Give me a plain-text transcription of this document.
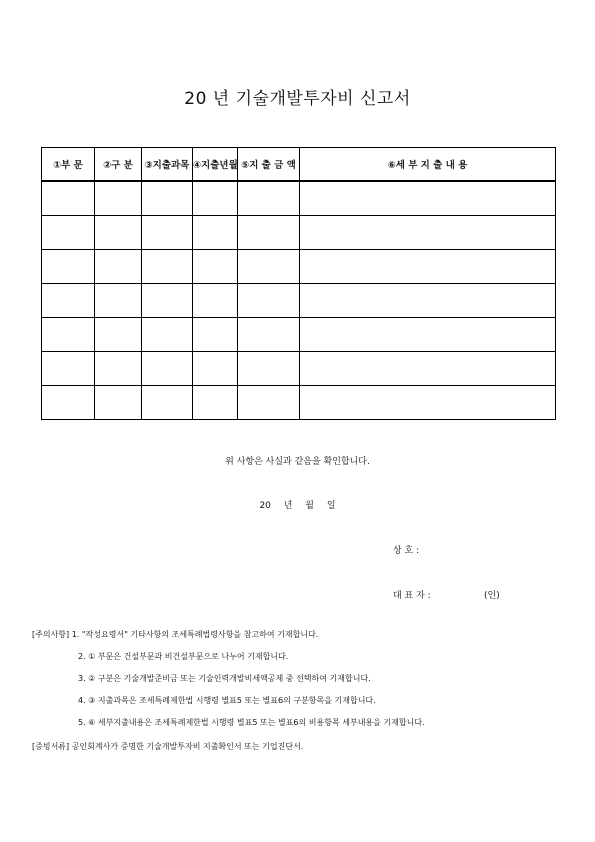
20 년 기술개발투자비 신고서
①부 문	②구 분	③지출과목	④지출년월	⑤지 출 금 액	⑥세 부 지 출 내 용

위 사항은 사실과 같음을 확인합니다.
20 년 월 일
상 호 :
대 표 자 :	(인)
[주의사항] 1. "작성요령서" 기타사항의 조세특례법령사항을 참고하여 기재합니다.
2. ① 부문은 건설부문과 비건설부문으로 나누어 기재합니다.
3. ② 구분은 기술개발준비금 또는 기술인력개발비세액공제 중 선택하여 기재합니다.
4. ③ 지출과목은 조세특례제한법 시행령 별표5 또는 별표6의 구분항목을 기재합니다.
5. ⑥ 세부지출내용은 조세특례제한법 시행령 별표5 또는 별표6의 비용항목 세부내용을 기재합니다.
[증빙서류] 공인회계사가 증명한 기술개발투자비 지출확인서 또는 기업진단서.
